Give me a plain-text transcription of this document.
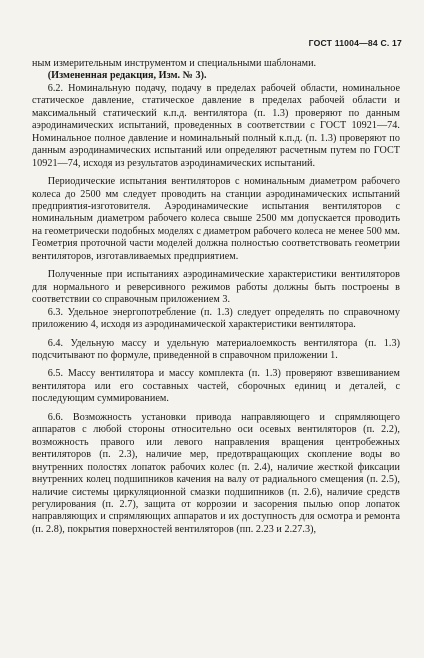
ГОСТ 11004—84 С. 17

ным измерительным инструментом и специальными шаблонами.

(Измененная редакция, Изм. № 3).

6.2. Номинальную подачу, подачу в пределах рабочей области, номинальное статическое давление, статическое давление в пределах рабочей области и максимальный статический к.п.д. вентилятора (п. 1.3) проверяют по данным аэродинамических испытаний, проведенных в соответствии с ГОСТ 10921—74. Номинальное полное давление и номинальный полный к.п.д. (п. 1.3) проверяют по данным аэродинамических испытаний или определяют расчетным путем по ГОСТ 10921—74, исходя из результатов аэродинамических испытаний.

Периодические испытания вентиляторов с номинальным диаметром рабочего колеса до 2500 мм следует проводить на станции аэродинамических испытаний предприятия-изготовителя. Аэродинамические испытания вентиляторов с номинальным диаметром рабочего колеса свыше 2500 мм допускается проводить на геометрически подобных моделях с диаметром рабочего колеса не менее 500 мм. Геометрия проточной части моделей должна полностью соответствовать геометрии вентиляторов, изготавливаемых предприятием.

Полученные при испытаниях аэродинамические характеристики вентиляторов для нормального и реверсивного режимов работы должны быть построены в соответствии со справочным приложением 3.

6.3. Удельное энергопотребление (п. 1.3) следует определять по справочному приложению 4, исходя из аэродинамической характеристики вентилятора.

6.4. Удельную массу и удельную материалоемкость вентилятора (п. 1.3) подсчитывают по формуле, приведенной в справочном приложении 1.

6.5. Массу вентилятора и массу комплекта (п. 1.3) проверяют взвешиванием вентилятора или его составных частей, сборочных единиц и деталей, с последующим суммированием.

6.6. Возможность установки привода направляющего и спрямляющего аппаратов с любой стороны относительно оси осевых вентиляторов (п. 2.2), возможность правого или левого направления вращения центробежных вентиляторов (п. 2.3), наличие мер, предотвращающих скопление воды во внутренних полостях лопаток рабочих колес (п. 2.4), наличие жесткой фиксации внутренних колец подшипников качения на валу от радиального смещения (п. 2.5), наличие системы циркуляционной смазки подшипников (п. 2.6), наличие средств регулирования (п. 2.7), защита от коррозии и засорения пылью опор лопаток направляющих и спрямляющих аппаратов и их доступность для осмотра и ремонта (п. 2.8), покрытия поверхностей вентиляторов (пп. 2.23 и 2.27.3),
